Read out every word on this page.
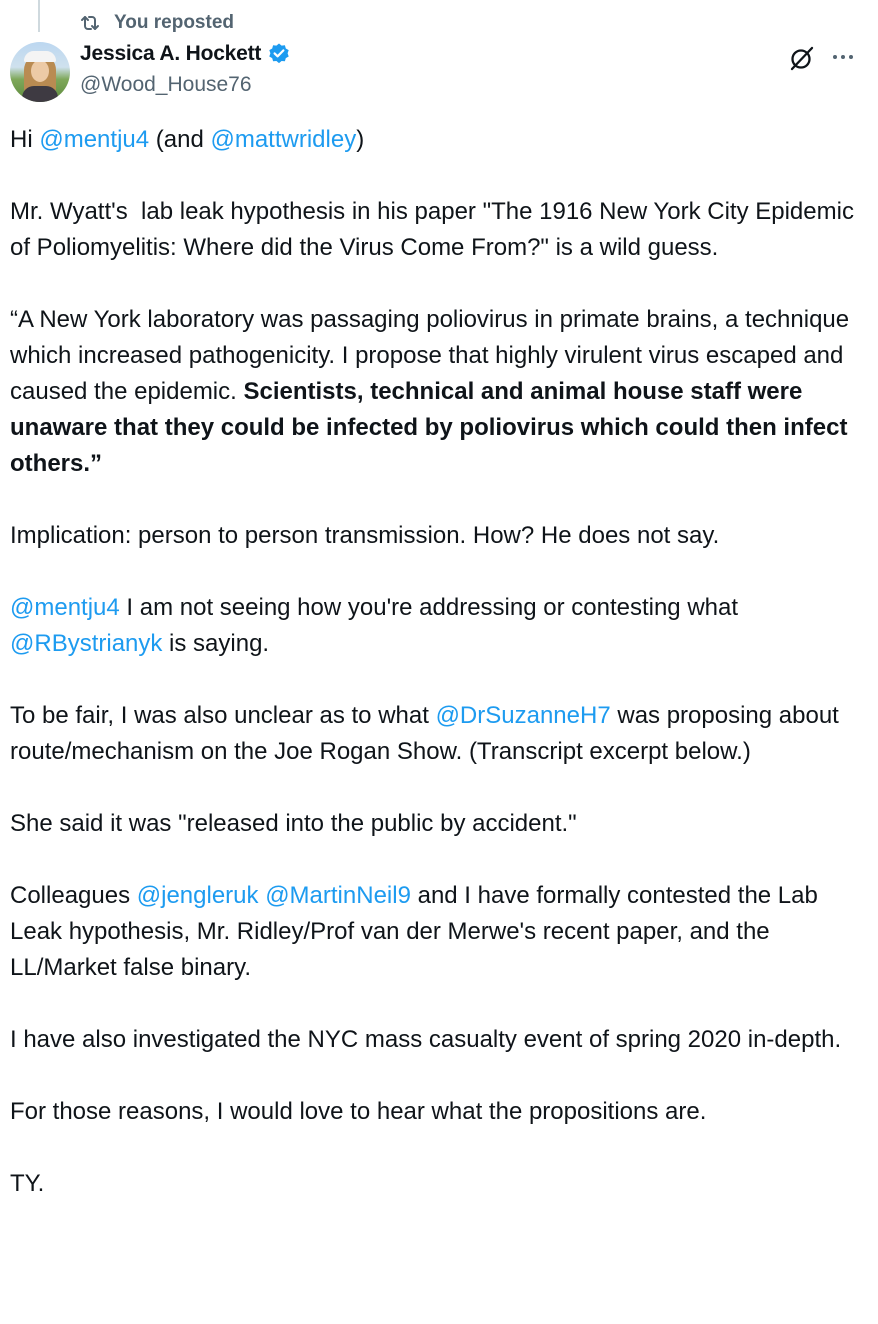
You reposted
Jessica A. Hockett
@Wood_House76

Hi @mentju4 (and @mattwridley)

Mr. Wyatt's  lab leak hypothesis in his paper "The 1916 New York City Epidemic of Poliomyelitis: Where did the Virus Come From?" is a wild guess.

“A New York laboratory was passaging poliovirus in primate brains, a technique which increased pathogenicity. I propose that highly virulent virus escaped and caused the epidemic. Scientists, technical and animal house staff were unaware that they could be infected by poliovirus which could then infect others.”

Implication: person to person transmission. How? He does not say.

@mentju4 I am not seeing how you're addressing or contesting what @RBystrianyk is saying.

To be fair, I was also unclear as to what @DrSuzanneH7 was proposing about route/mechanism on the Joe Rogan Show. (Transcript excerpt below.)

She said it was "released into the public by accident."

Colleagues @jengleruk @MartinNeil9 and I have formally contested the Lab Leak hypothesis, Mr. Ridley/Prof van der Merwe's recent paper, and the LL/Market false binary.

I have also investigated the NYC mass casualty event of spring 2020 in-depth.

For those reasons, I would love to hear what the propositions are.

TY.
